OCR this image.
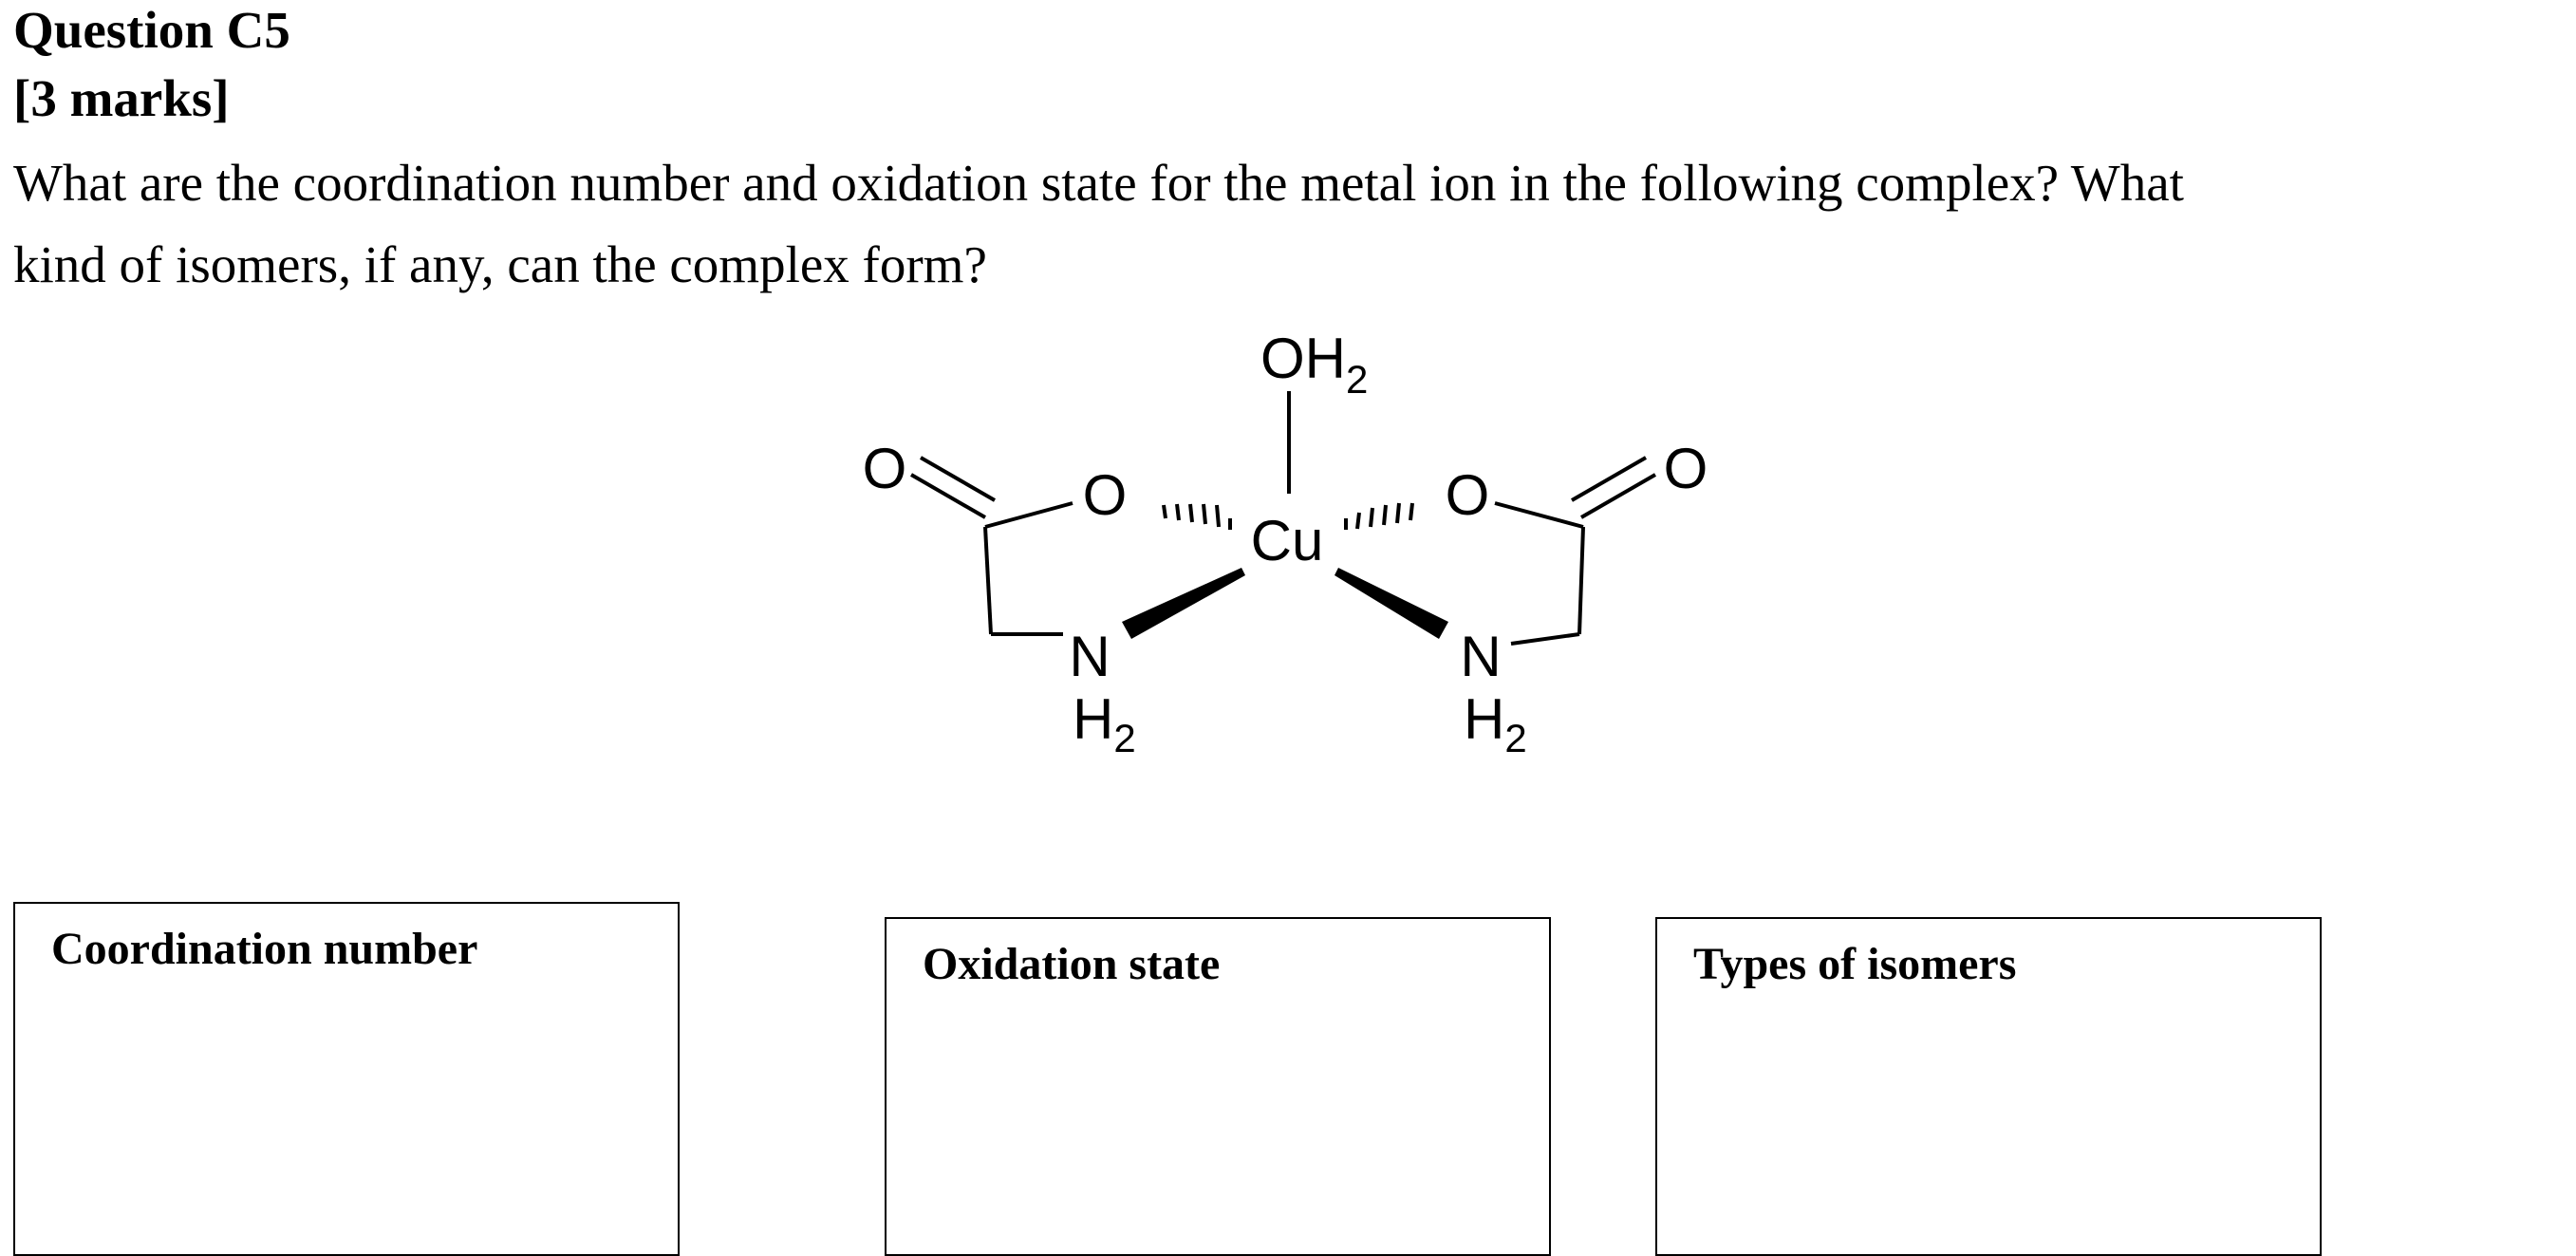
Question C5
[3 marks]
What are the coordination number and oxidation state for the metal ion in the following complex? What
kind of isomers, if any, can the complex form?
$OH_2$
Cu
O	O
O	O
N	N
$H_2$	$H_2$
Coordination number	Oxidation state	Types of isomers
